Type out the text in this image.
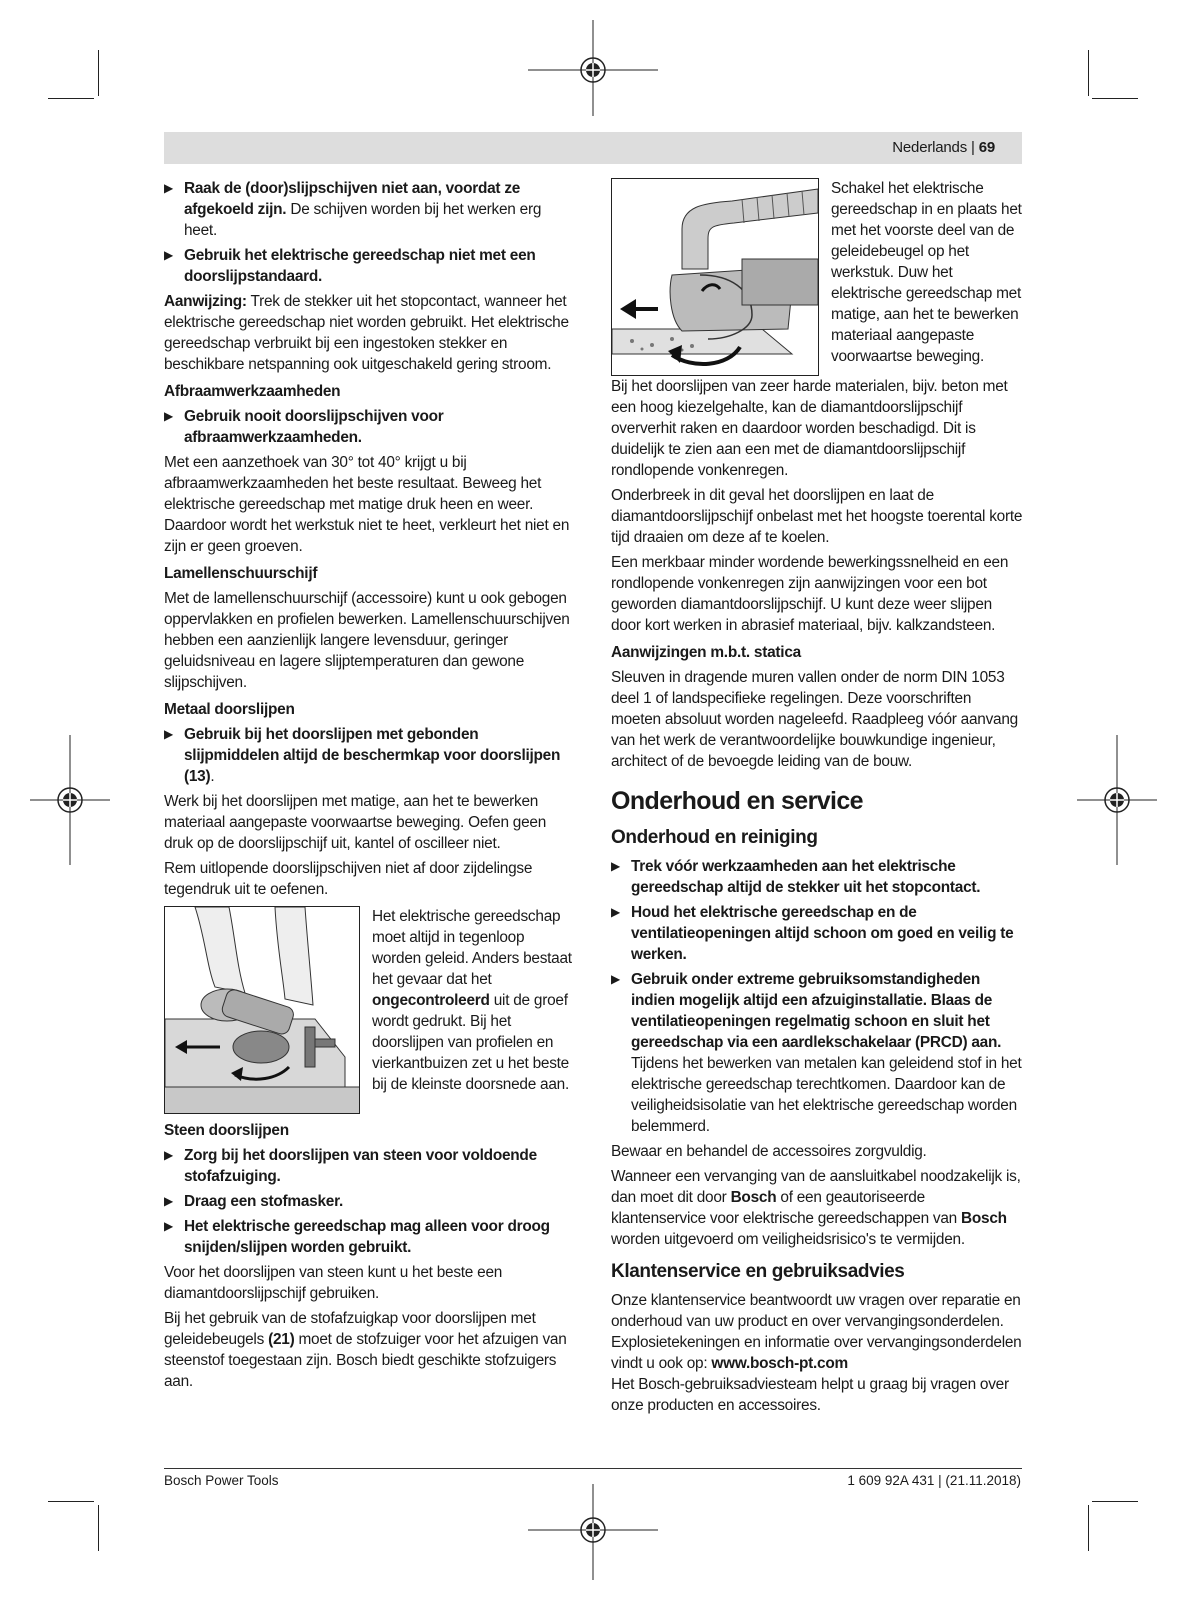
Nederlands | 69
▶ Raak de (door)slijpschijven niet aan, voordat ze afgekoeld zijn. De schijven worden bij het werken erg heet.
▶ Gebruik het elektrische gereedschap niet met een doorslijpstandaard.

Aanwijzing: Trek de stekker uit het stopcontact, wanneer het elektrische gereedschap niet worden gebruikt. Het elektrische gereedschap verbruikt bij een ingestoken stekker en beschikbare netspanning ook uitgeschakeld gering stroom.

Afbraamwerkzaamheden
▶ Gebruik nooit doorslijpschijven voor afbraamwerkzaamheden.

Met een aanzethoek van 30° tot 40° krijgt u bij afbraamwerkzaamheden het beste resultaat. Beweeg het elektrische gereedschap met matige druk heen en weer. Daardoor wordt het werkstuk niet te heet, verkleurt het niet en zijn er geen groeven.

Lamellenschuurschijf

Met de lamellenschuurschijf (accessoire) kunt u ook gebogen oppervlakken en profielen bewerken. Lamellenschuurschijven hebben een aanzienlijk langere levensduur, geringer geluidsniveau en lagere slijptemperaturen dan gewone slijpschijven.

Metaal doorslijpen
▶ Gebruik bij het doorslijpen met gebonden slijpmiddelen altijd de beschermkap voor doorslijpen (13).

Werk bij het doorslijpen met matige, aan het te bewerken materiaal aangepaste voorwaartse beweging. Oefen geen druk op de doorslijpschijf uit, kantel of oscilleer niet.

Rem uitlopende doorslijpschijven niet af door zijdelingse tegendruk uit te oefenen.

Het elektrische gereedschap moet altijd in tegenloop worden geleid. Anders bestaat het gevaar dat het ongecontroleerd uit de groef wordt gedrukt. Bij het doorslijpen van profielen en vierkantbuizen zet u het beste bij de kleinste doorsnede aan.

Steen doorslijpen
▶ Zorg bij het doorslijpen van steen voor voldoende stofafzuiging.
▶ Draag een stofmasker.
▶ Het elektrische gereedschap mag alleen voor droog snijden/slijpen worden gebruikt.

Voor het doorslijpen van steen kunt u het beste een diamantdoorslijpschijf gebruiken.

Bij het gebruik van de stofafzuigkap voor doorslijpen met geleidebeugels (21) moet de stofzuiger voor het afzuigen van steenstof toegestaan zijn. Bosch biedt geschikte stofzuigers aan.

Schakel het elektrische gereedschap in en plaats het met het voorste deel van de geleidebeugel op het werkstuk. Duw het elektrische gereedschap met matige, aan het te bewerken materiaal aangepaste voorwaartse beweging.

Bij het doorslijpen van zeer harde materialen, bijv. beton met een hoog kiezelgehalte, kan de diamantdoorslijpschijf oververhit raken en daardoor worden beschadigd. Dit is duidelijk te zien aan een met de diamantdoorslijpschijf rondlopende vonkenregen.

Onderbreek in dit geval het doorslijpen en laat de diamantdoorslijpschijf onbelast met het hoogste toerental korte tijd draaien om deze af te koelen.

Een merkbaar minder wordende bewerkingssnelheid en een rondlopende vonkenregen zijn aanwijzingen voor een bot geworden diamantdoorslijpschijf. U kunt deze weer slijpen door kort werken in abrasief materiaal, bijv. kalkzandsteen.

Aanwijzingen m.b.t. statica

Sleuven in dragende muren vallen onder de norm DIN 1053 deel 1 of landspecifieke regelingen. Deze voorschriften moeten absoluut worden nageleefd. Raadpleeg vóór aanvang van het werk de verantwoordelijke bouwkundige ingenieur, architect of de bevoegde leiding van de bouw.

Onderhoud en service
Onderhoud en reiniging
▶ Trek vóór werkzaamheden aan het elektrische gereedschap altijd de stekker uit het stopcontact.
▶ Houd het elektrische gereedschap en de ventilatieopeningen altijd schoon om goed en veilig te werken.
▶ Gebruik onder extreme gebruiksomstandigheden indien mogelijk altijd een afzuiginstallatie. Blaas de ventilatieopeningen regelmatig schoon en sluit het gereedschap via een aardlekschakelaar (PRCD) aan. Tijdens het bewerken van metalen kan geleidend stof in het elektrische gereedschap terechtkomen. Daardoor kan de veiligheidsisolatie van het elektrische gereedschap worden belemmerd.

Bewaar en behandel de accessoires zorgvuldig.

Wanneer een vervanging van de aansluitkabel noodzakelijk is, dan moet dit door Bosch of een geautoriseerde klantenservice voor elektrische gereedschappen van Bosch worden uitgevoerd om veiligheidsrisico's te vermijden.

Klantenservice en gebruiksadvies

Onze klantenservice beantwoordt uw vragen over reparatie en onderhoud van uw product en over vervangingsonderdelen. Explosietekeningen en informatie over vervangingsonderdelen vindt u ook op: www.bosch-pt.com

Het Bosch-gebruiksadviesteam helpt u graag bij vragen over onze producten en accessoires.

Bosch Power Tools	1 609 92A 431 | (21.11.2018)
